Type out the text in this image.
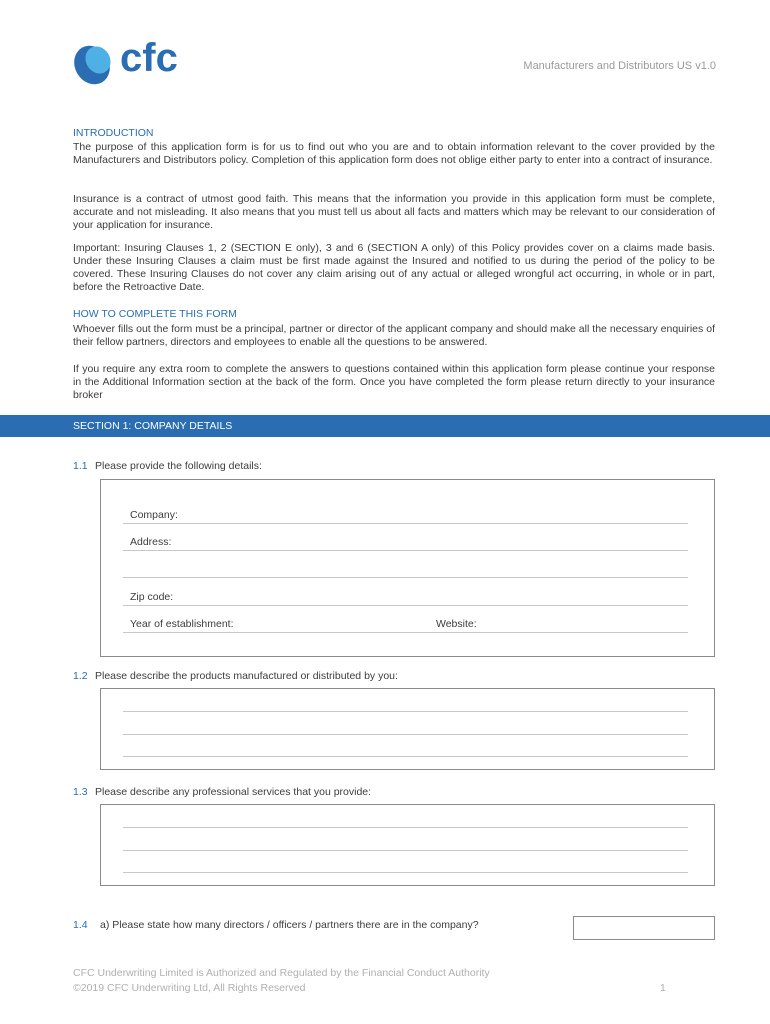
cfc	Manufacturers and Distributors US v1.0
INTRODUCTION
The purpose of this application form is for us to find out who you are and to obtain information relevant to the cover provided by the Manufacturers and Distributors policy. Completion of this application form does not oblige either party to enter into a contract of insurance.
Insurance is a contract of utmost good faith. This means that the information you provide in this application form must be complete, accurate and not misleading. It also means that you must tell us about all facts and matters which may be relevant to our consideration of your application for insurance.
Important: Insuring Clauses 1, 2 (SECTION E only), 3 and 6 (SECTION A only) of this Policy provides cover on a claims made basis. Under these Insuring Clauses a claim must be first made against the Insured and notified to us during the period of the policy to be covered. These Insuring Clauses do not cover any claim arising out of any actual or alleged wrongful act occurring, in whole or in part, before the Retroactive Date.
HOW TO COMPLETE THIS FORM
Whoever fills out the form must be a principal, partner or director of the applicant company and should make all the necessary enquiries of their fellow partners, directors and employees to enable all the questions to be answered.
If you require any extra room to complete the answers to questions contained within this application form please continue your response in the Additional Information section at the back of the form. Once you have completed the form please return directly to your insurance broker
SECTION 1: COMPANY DETAILS
1.1 Please provide the following details:
Company:
Address:
Zip code:
Year of establishment:	Website:
1.2 Please describe the products manufactured or distributed by you:
1.3 Please describe any professional services that you provide:
1.4 a) Please state how many directors / officers / partners there are in the company?
CFC Underwriting Limited is Authorized and Regulated by the Financial Conduct Authority
©2019 CFC Underwriting Ltd, All Rights Reserved	1
